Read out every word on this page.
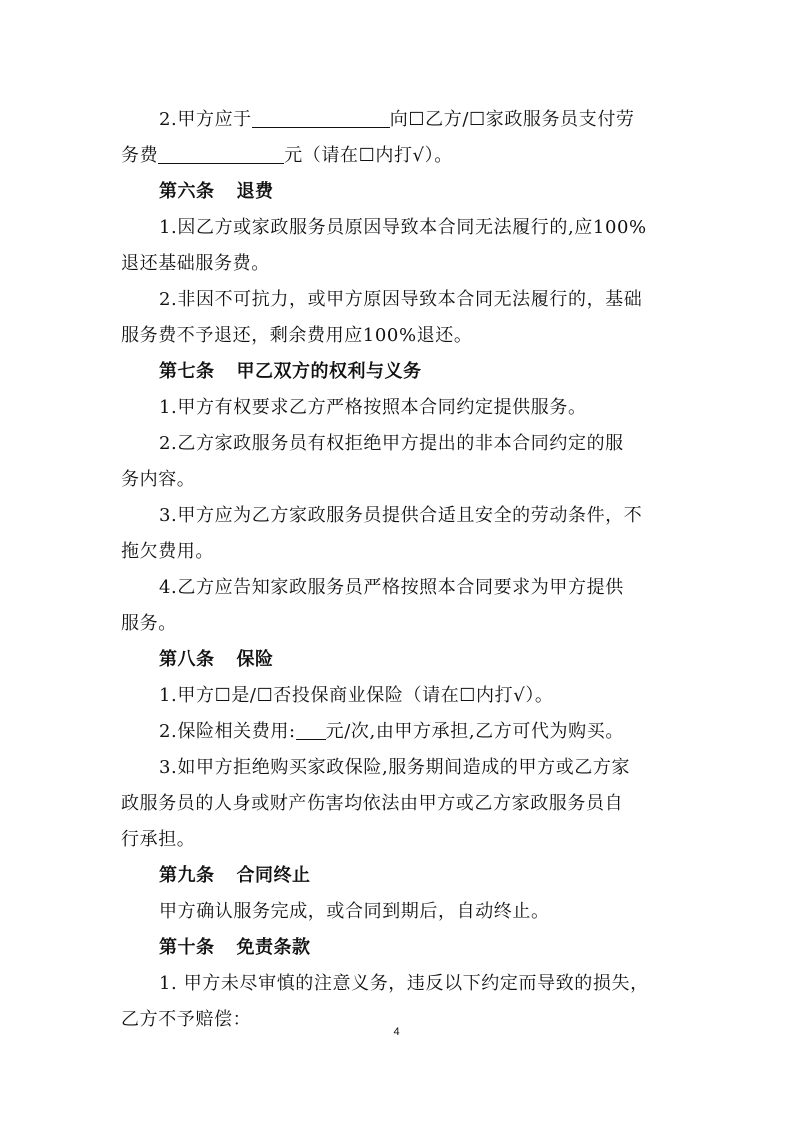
2.甲方应于	向☐乙方/☐家政服务员支付劳

务费	元（请在☐内打√）。

第六条 退费

1.因乙方或家政服务员原因导致本合同无法履行的,应100%

退还基础服务费。

2.非因不可抗力，或甲方原因导致本合同无法履行的，基础

服务费不予退还，剩余费用应100%退还。

第七条 甲乙双方的权利与义务

1.甲方有权要求乙方严格按照本合同约定提供服务。

2.乙方家政服务员有权拒绝甲方提出的非本合同约定的服

务内容。

3.甲方应为乙方家政服务员提供合适且安全的劳动条件，不

拖欠费用。

4.乙方应告知家政服务员严格按照本合同要求为甲方提供

服务。

第八条 保险

1.甲方☐是/☐否投保商业保险（请在☐内打√）。

2.保险相关费用: 元/次,由甲方承担,乙方可代为购买。

3.如甲方拒绝购买家政保险,服务期间造成的甲方或乙方家

政服务员的人身或财产伤害均依法由甲方或乙方家政服务员自

行承担。

第九条 合同终止

甲方确认服务完成，或合同到期后，自动终止。

第十条 免责条款

1. 甲方未尽审慎的注意义务，违反以下约定而导致的损失，

乙方不予赔偿：

4
